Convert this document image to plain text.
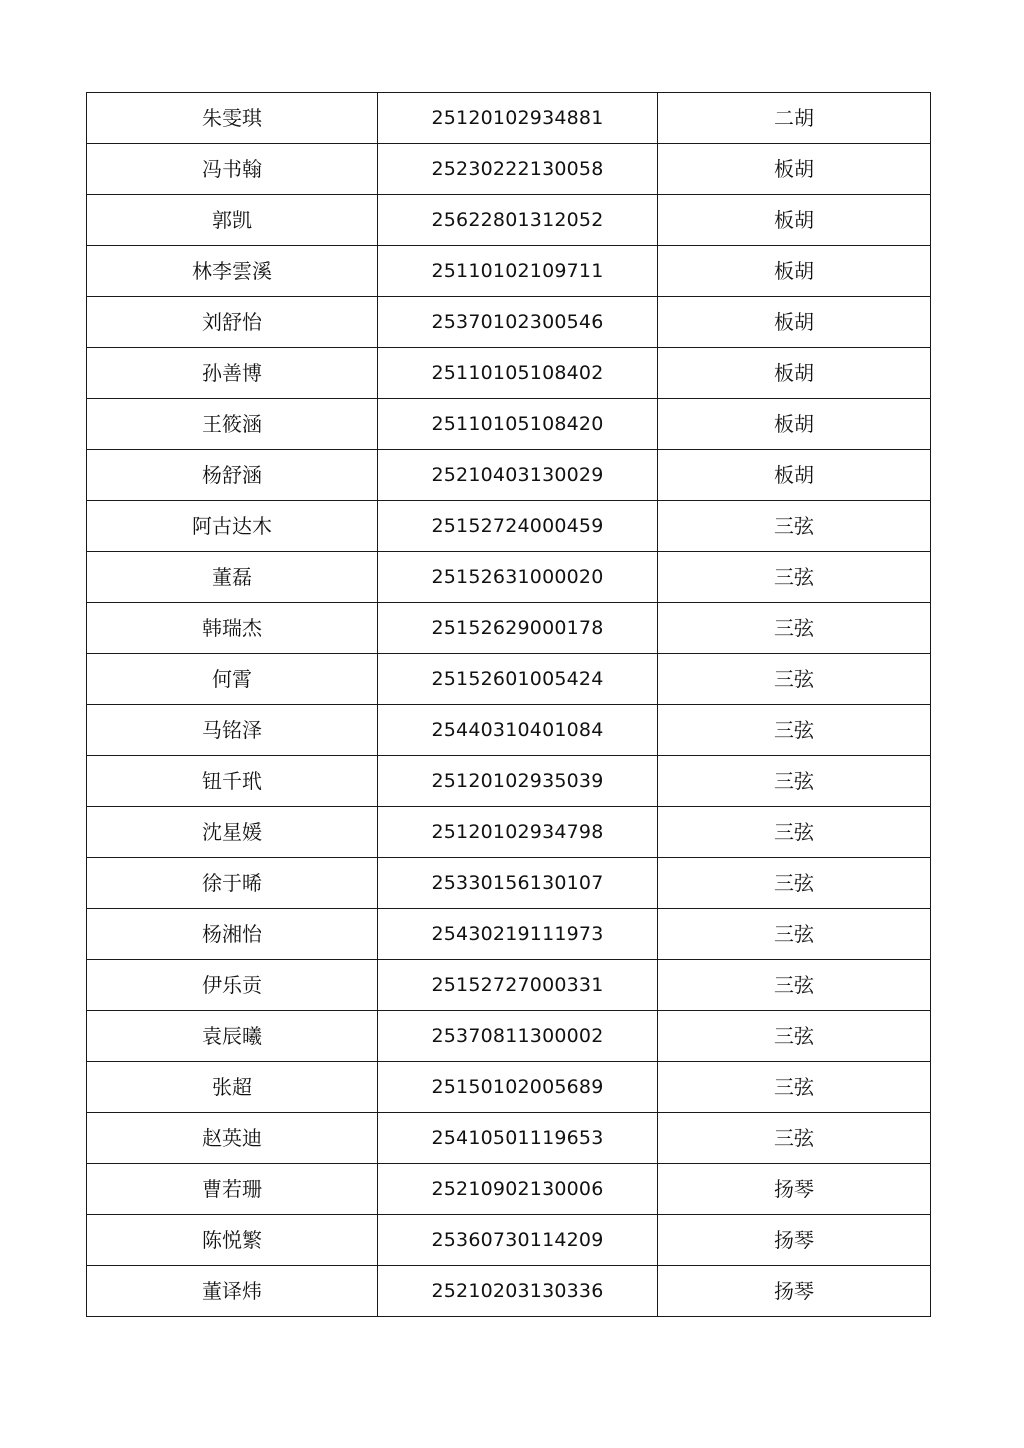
朱雯琪	25120102934881	二胡
冯书翰	25230222130058	板胡
郭凯	25622801312052	板胡
林李雲溪	25110102109711	板胡
刘舒怡	25370102300546	板胡
孙善博	25110105108402	板胡
王筱涵	25110105108420	板胡
杨舒涵	25210403130029	板胡
阿古达木	25152724000459	三弦
董磊	25152631000020	三弦
韩瑞杰	25152629000178	三弦
何霄	25152601005424	三弦
马铭泽	25440310401084	三弦
钮千玳	25120102935039	三弦
沈星媛	25120102934798	三弦
徐于晞	25330156130107	三弦
杨湘怡	25430219111973	三弦
伊乐贡	25152727000331	三弦
袁辰曦	25370811300002	三弦
张超	25150102005689	三弦
赵英迪	25410501119653	三弦
曹若珊	25210902130006	扬琴
陈悦繁	25360730114209	扬琴
董译炜	25210203130336	扬琴
